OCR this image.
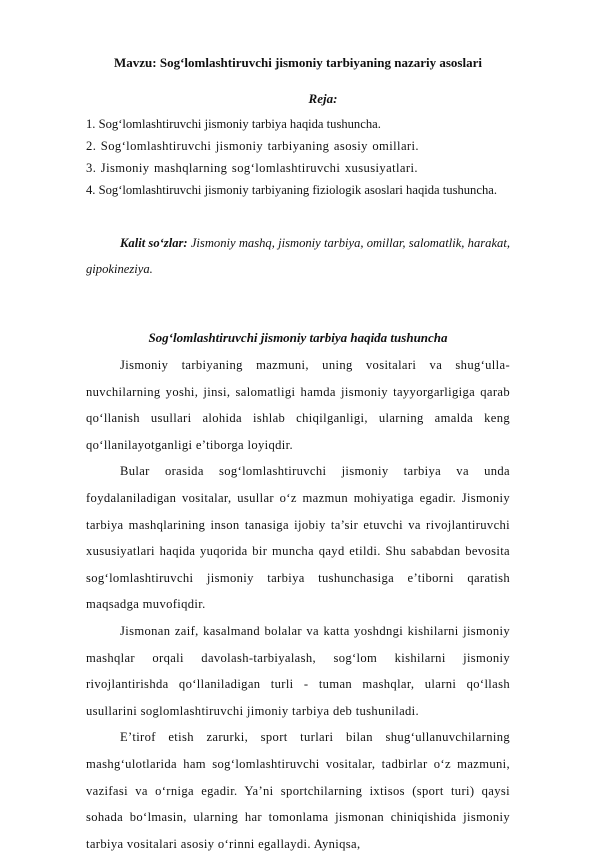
Mavzu: Sog‘lomlashtiruvchi jismoniy tarbiyaning nazariy asoslari
Reja:
1. Sog‘lomlashtiruvchi jismoniy tarbiya haqida tushuncha.
2. Sog‘lomlashtiruvchi jismoniy tarbiyaning asosiy omillari.
3. Jismoniy mashqlarning sog‘lomlashtiruvchi xususiyatlari.
4. Sog‘lomlashtiruvchi jismoniy tarbiyaning fiziologik asoslari haqida tushuncha.
Kalit so‘zlar: Jismoniy mashq, jismoniy tarbiya, omillar, salomatlik, harakat, gipokineziya.
Sog‘lomlashtiruvchi jismoniy tarbiya haqida tushuncha

Jismoniy tarbiyaning mazmuni, uning vositalari va shug‘ulla-nuvchilarning yoshi, jinsi, salomatligi hamda jismoniy tayyorgarligiga qarab qo‘llanish usullari alohida ishlab chiqilganligi, ularning amalda keng qo‘llanilayotganligi e’tiborga loyiqdir.

Bular orasida sog‘lomlashtiruvchi jismoniy tarbiya va unda foydalaniladigan vositalar, usullar o‘z mazmun mohiyatiga egadir. Jismoniy tarbiya mashqlarining inson tanasiga ijobiy ta’sir etuvchi va rivojlantiruvchi xususiyatlari haqida yuqorida bir muncha qayd etildi. Shu sababdan bevosita sog‘lomlashtiruvchi jismoniy tarbiya tushunchasiga e’tiborni qaratish maqsadga muvofiqdir.

Jismonan zaif, kasalmand bolalar va katta yoshdngi kishilarni jismoniy mashqlar orqali davolash-tarbiyalash, sog‘lom kishilarni jismoniy rivojlantirishda qo‘llaniladigan turli - tuman mashqlar, ularni qo‘llash usullarini soglomlashtiruvchi jimoniy tarbiya deb tushuniladi.

E’tirof etish zarurki, sport turlari bilan shug‘ullanuvchilarning mashg‘ulotlarida ham sog‘lomlashtiruvchi vositalar, tadbirlar o‘z mazmuni, vazifasi va o‘rniga egadir. Ya’ni sportchilarning ixtisos (sport turi) qaysi sohada bo‘lmasin, ularning har tomonlama jismonan chiniqishida jismoniy tarbiya vositalari asosiy o‘rinni egallaydi. Ayniqsa,
